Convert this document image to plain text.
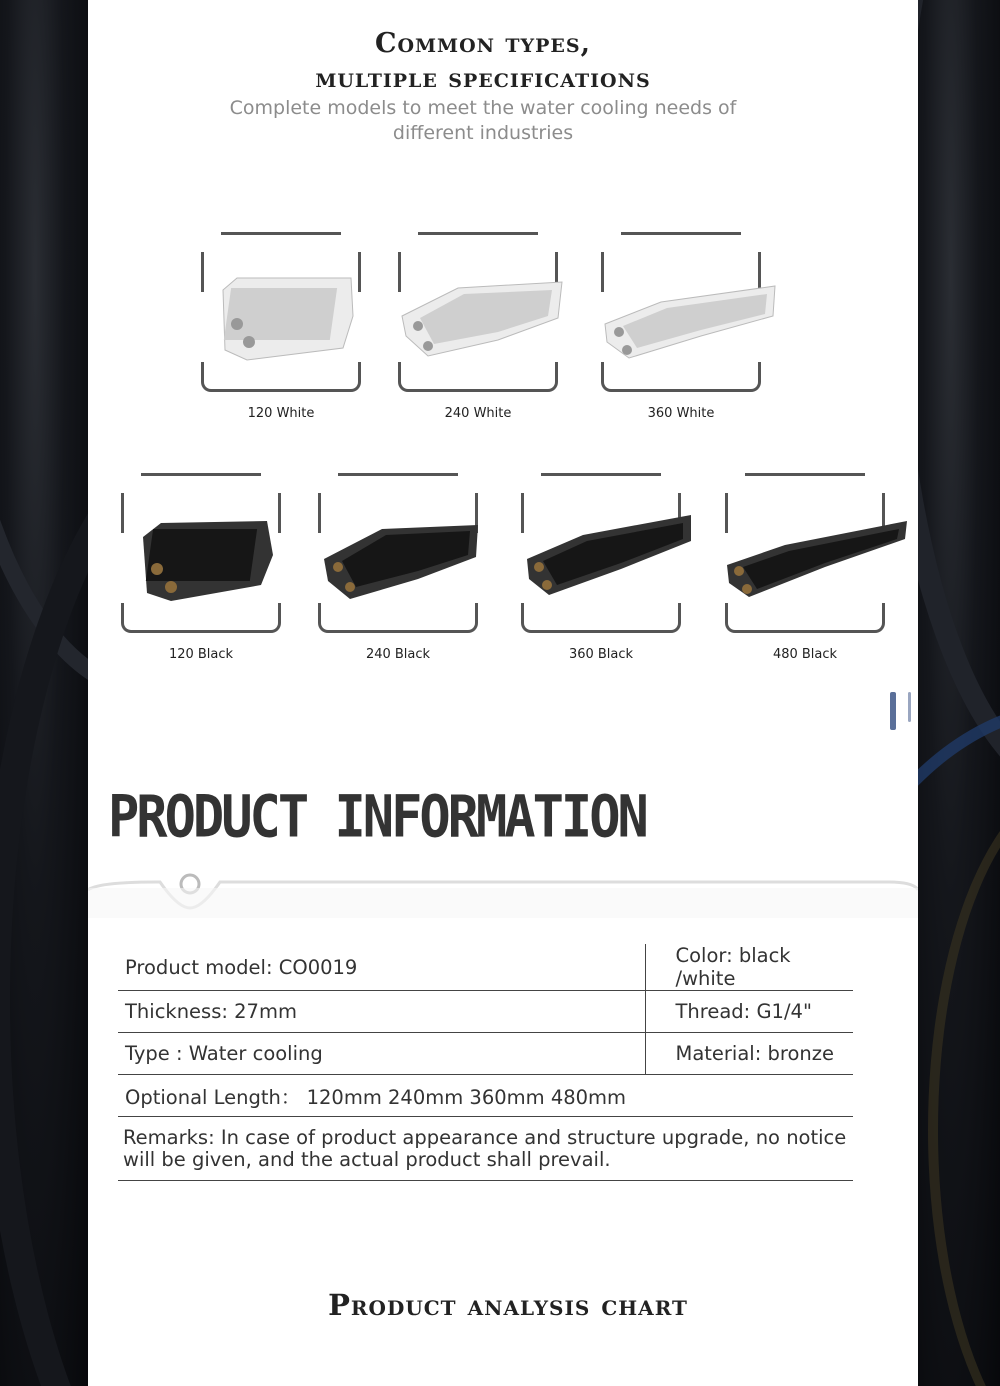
Common types,
multiple specifications
Complete models to meet the water cooling needs of different industries
120 White	240 White	360 White
120 Black	240 Black	360 Black	480 Black
PRODUCT INFORMATION
Product model: CO0019	Color: black /white
Thickness: 27mm	Thread: G1/4"
Type : Water cooling	Material: bronze
Optional Length： 120mm 240mm 360mm 480mm	
Remarks: In case of product appearance and structure upgrade, no notice will be given, and the actual product shall prevail.	
Product analysis chart
